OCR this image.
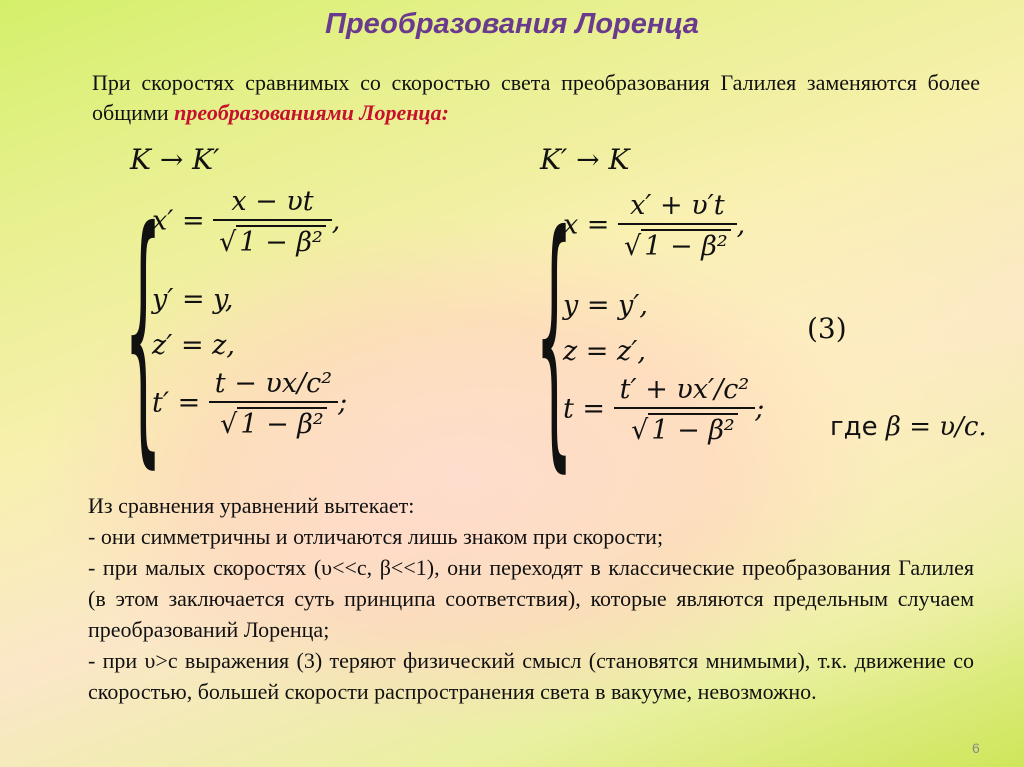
Преобразования Лоренца
При скоростях сравнимых со скоростью света преобразования Галилея заменяются более общими преобразованиями Лоренца:
K → K′
{
$x' = \frac{x - \upsilon t}{\text{√ 1 − β²}}$ ,
y′ = y,
z′ = z,
$t' = \frac{\text{t − υx/c²}}{\text{√ 1 − β²}}$ ;
K′ → K
{
$x = \frac{x' + \upsilon't}{\text{√ 1 − β²}}$ ,
y = y′,
z = z′,
$t = \frac{\text{t′ + υx′/c²}}{\text{√ 1 − β²}}$ ;
(3)
где β = υ/c.

Из сравнения уравнений вытекает:

- они симметричны и отличаются лишь знаком при скорости;

- при малых скоростях (υ<<c, β<<1), они переходят в классические преобразования Галилея (в этом заключается суть принципа соответствия), которые являются предельным случаем преобразований Лоренца;

- при υ>c выражения (3) теряют физический смысл (становятся мнимыми), т.к. движение со скоростью, большей скорости распространения света в вакууме, невозможно.

6
